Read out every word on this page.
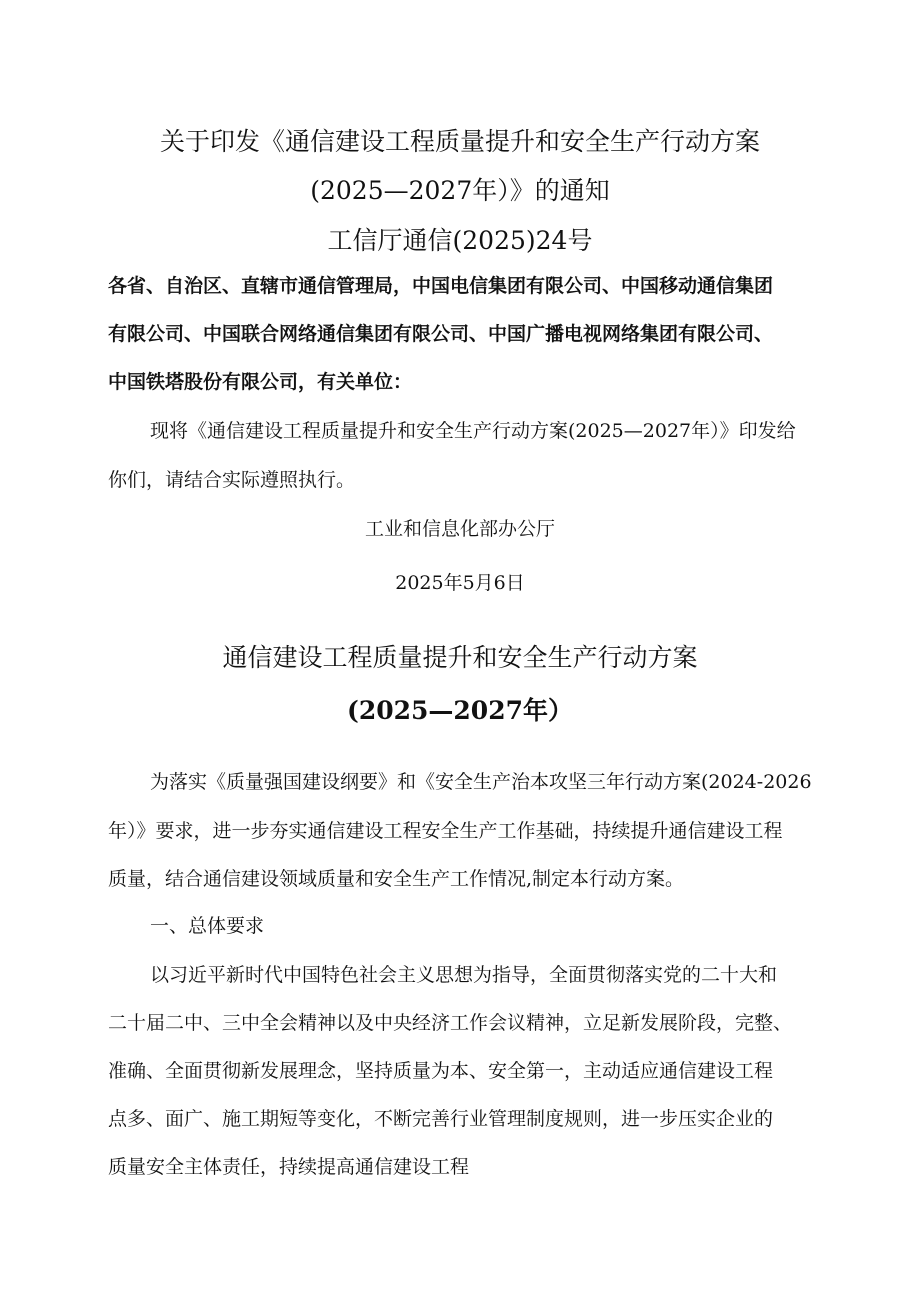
关于印发《通信建设工程质量提升和安全生产行动方案
(2025—2027年）》的通知
工信厅通信(2025)24号
各省、自治区、直辖市通信管理局，中国电信集团有限公司、中国移动通信集团
有限公司、中国联合网络通信集团有限公司、中国广播电视网络集团有限公司、
中国铁塔股份有限公司，有关单位：
现将《通信建设工程质量提升和安全生产行动方案(2025—2027年）》印发给
你们，请结合实际遵照执行。
工业和信息化部办公厅
2025年5月6日
通信建设工程质量提升和安全生产行动方案
(2025—2027年）
为落实《质量强国建设纲要》和《安全生产治本攻坚三年行动方案(2024-2026
年）》要求，进一步夯实通信建设工程安全生产工作基础，持续提升通信建设工程
质量，结合通信建设领域质量和安全生产工作情况,制定本行动方案。
一、总体要求
以习近平新时代中国特色社会主义思想为指导，全面贯彻落实党的二十大和
二十届二中、三中全会精神以及中央经济工作会议精神，立足新发展阶段，完整、
准确、全面贯彻新发展理念，坚持质量为本、安全第一，主动适应通信建设工程
点多、面广、施工期短等变化，不断完善行业管理制度规则，进一步压实企业的
质量安全主体责任，持续提高通信建设工程
